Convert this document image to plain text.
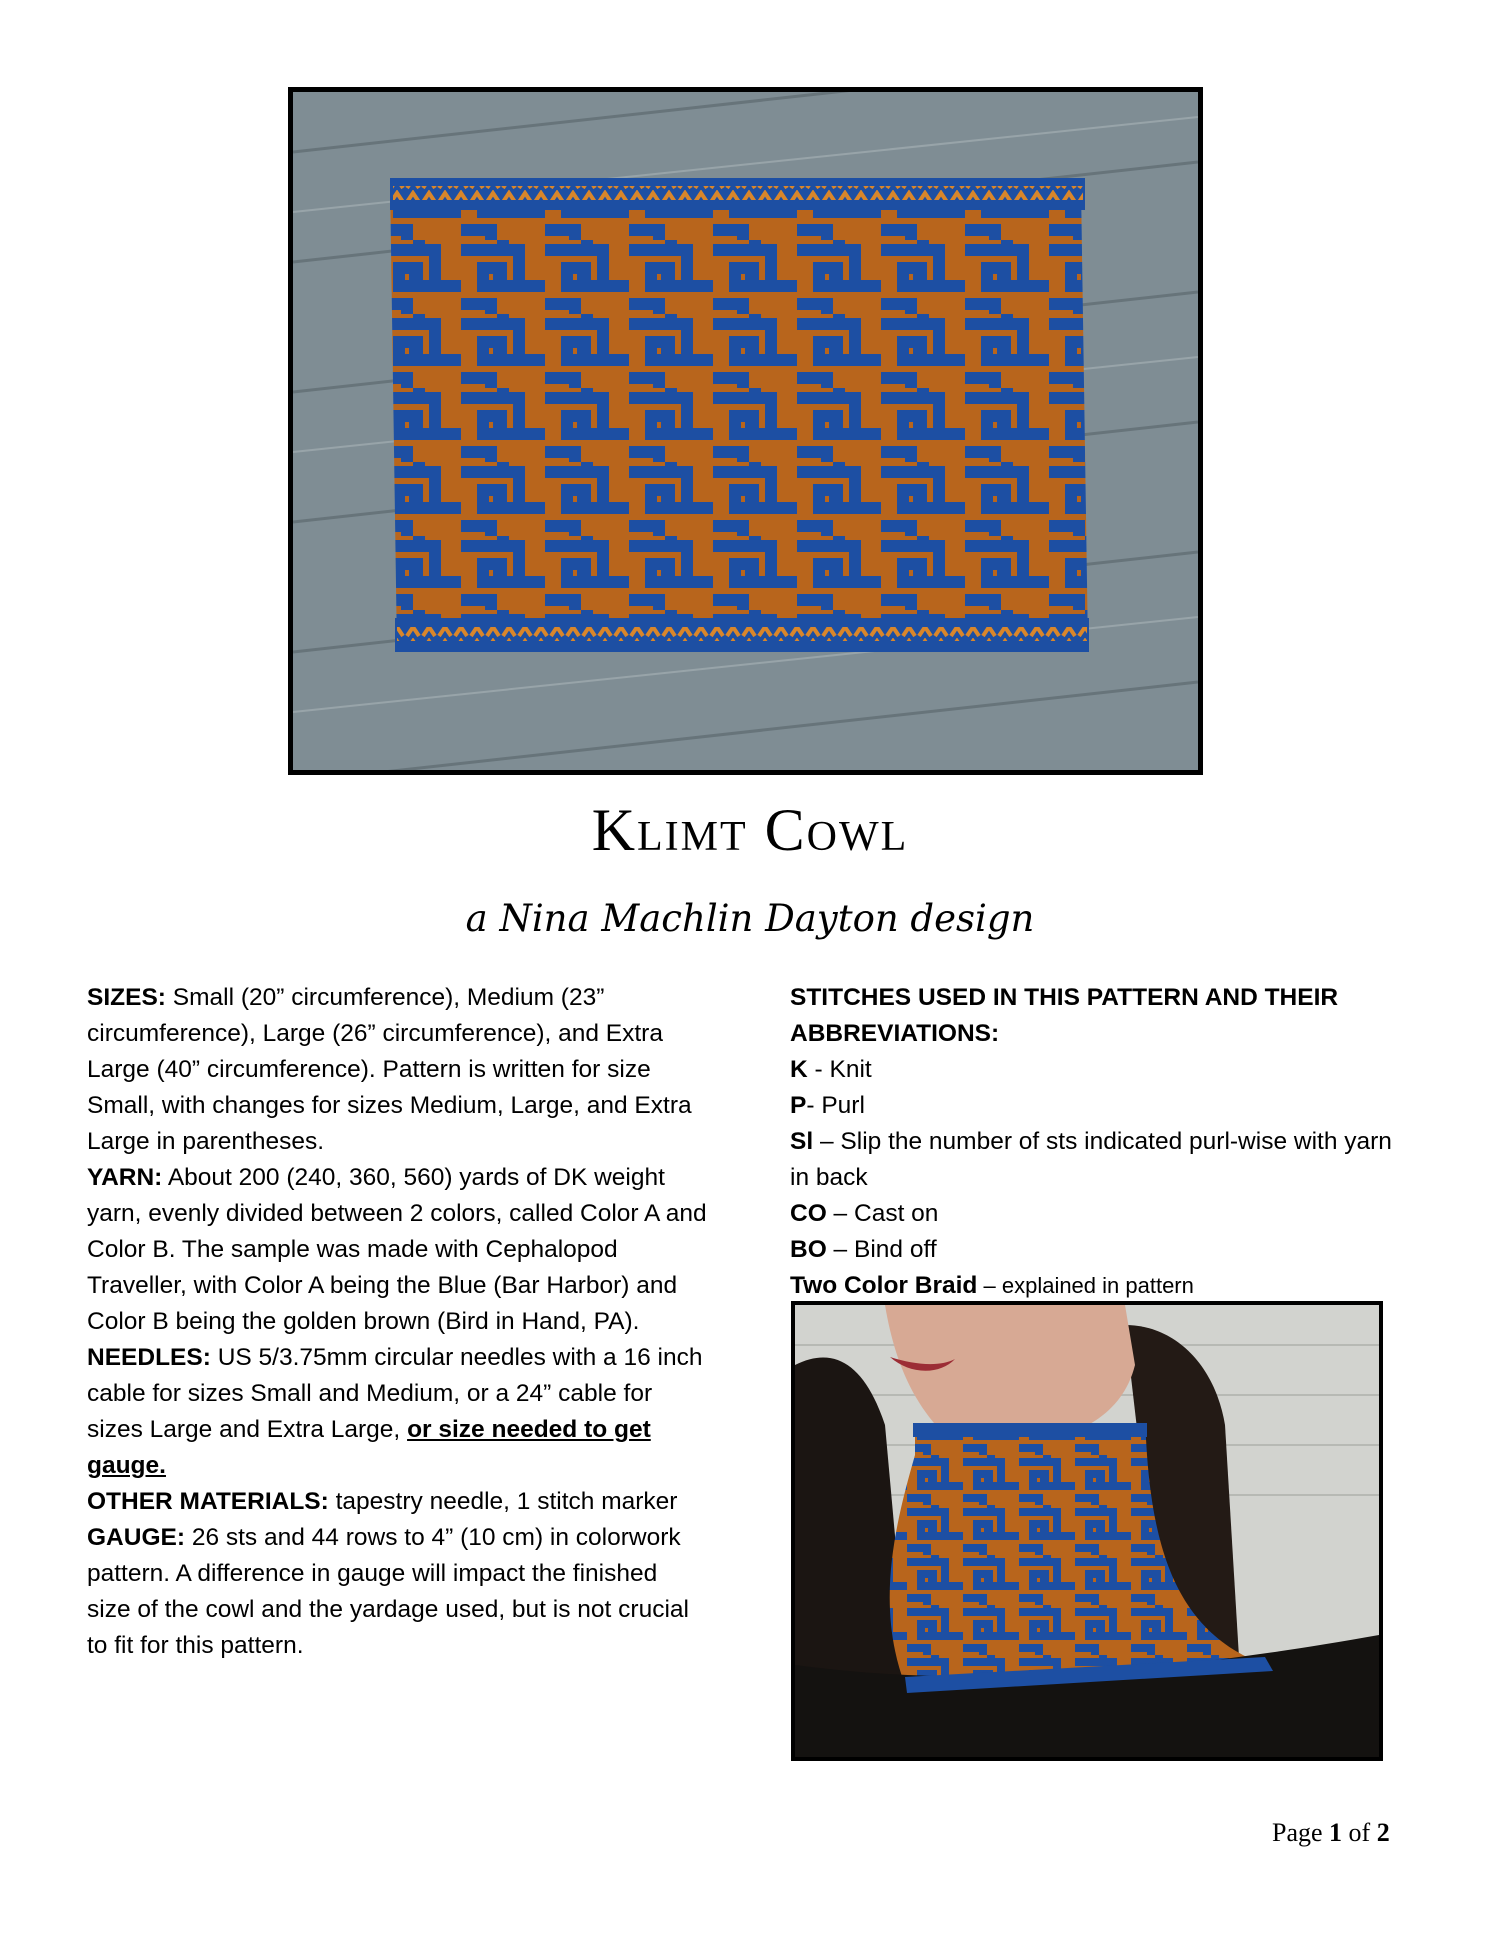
Klimt Cowl
a Nina Machlin Dayton design

SIZES: Small (20” circumference), Medium (23” circumference), Large (26” circumference), and Extra Large (40” circumference). Pattern is written for size Small, with changes for sizes Medium, Large, and Extra Large in parentheses.

YARN: About 200 (240, 360, 560) yards of DK weight yarn, evenly divided between 2 colors, called Color A and Color B. The sample was made with Cephalopod Traveller, with Color A being the Blue (Bar Harbor) and Color B being the golden brown (Bird in Hand, PA).

NEEDLES: US 5/3.75mm circular needles with a 16 inch cable for sizes Small and Medium, or a 24” cable for sizes Large and Extra Large, or size needed to get gauge.

OTHER MATERIALS: tapestry needle, 1 stitch marker

GAUGE: 26 sts and 44 rows to 4” (10 cm) in colorwork pattern. A difference in gauge will impact the finished size of the cowl and the yardage used, but is not crucial to fit for this pattern.

STITCHES USED IN THIS PATTERN AND THEIR ABBREVIATIONS:

K - Knit

P- Purl

Sl – Slip the number of sts indicated purl-wise with yarn in back

CO – Cast on

BO – Bind off

Two Color Braid – explained in pattern

Page 1 of 2
